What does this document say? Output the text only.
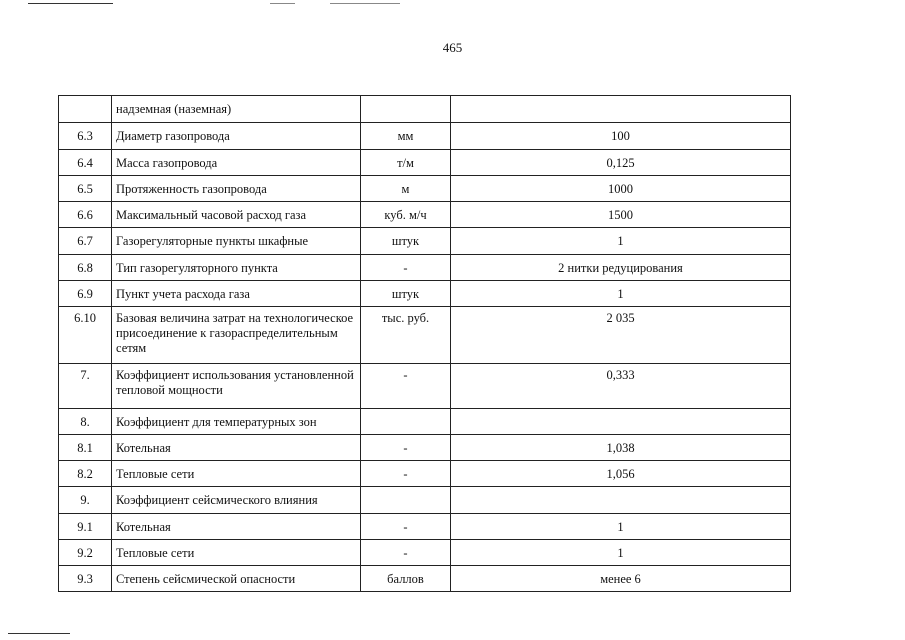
465
	надземная (наземная)		
6.3	Диаметр газопровода	мм	100
6.4	Масса газопровода	т/м	0,125
6.5	Протяженность газопровода	м	1000
6.6	Максимальный часовой расход газа	куб. м/ч	1500
6.7	Газорегуляторные пункты шкафные	штук	1
6.8	Тип газорегуляторного пункта	-	2 нитки редуцирования
6.9	Пункт учета расхода газа	штук	1
6.10	Базовая величина затрат на технологическое присоединение к газораспределительным сетям	тыс. руб.	2 035
7.	Коэффициент использования установленной тепловой мощности	-	0,333
8.	Коэффициент для температурных зон		
8.1	Котельная	-	1,038
8.2	Тепловые сети	-	1,056
9.	Коэффициент сейсмического влияния		
9.1	Котельная	-	1
9.2	Тепловые сети	-	1
9.3	Степень сейсмической опасности	баллов	менее 6
